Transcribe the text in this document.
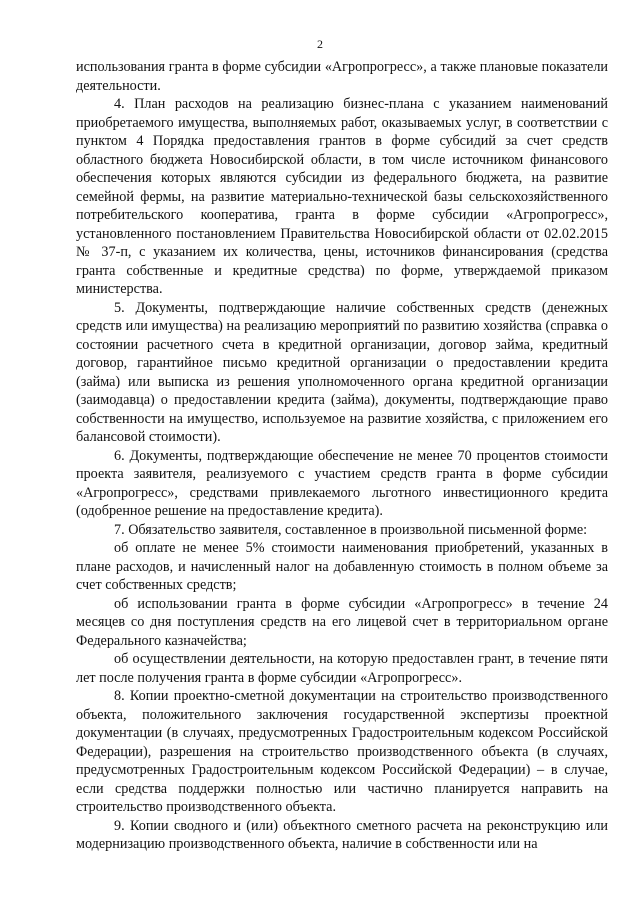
2

использования гранта в форме субсидии «Агропрогресс», а также плановые показатели деятельности.

4. План расходов на реализацию бизнес-плана с указанием наименований приобретаемого имущества, выполняемых работ, оказываемых услуг, в соответствии с пунктом 4 Порядка предоставления грантов в форме субсидий за счет средств областного бюджета Новосибирской области, в том числе источником финансового обеспечения которых являются субсидии из федерального бюджета, на развитие семейной фермы, на развитие материально-технической базы сельскохозяйственного потребительского кооператива, гранта в форме субсидии «Агропрогресс», установленного постановлением Правительства Новосибирской области от 02.02.2015 № 37-п, с указанием их количества, цены, источников финансирования (средства гранта собственные и кредитные средства) по форме, утверждаемой приказом министерства.

5. Документы, подтверждающие наличие собственных средств (денежных средств или имущества) на реализацию мероприятий по развитию хозяйства (справка о состоянии расчетного счета в кредитной организации, договор займа, кредитный договор, гарантийное письмо кредитной организации о предоставлении кредита (займа) или выписка из решения уполномоченного органа кредитной организации (заимодавца) о предоставлении кредита (займа), документы, подтверждающие право собственности на имущество, используемое на развитие хозяйства, с приложением его балансовой стоимости).

6. Документы, подтверждающие обеспечение не менее 70 процентов стоимости проекта заявителя, реализуемого с участием средств гранта в форме субсидии «Агропрогресс», средствами привлекаемого льготного инвестиционного кредита (одобренное решение на предоставление кредита).

7. Обязательство заявителя, составленное в произвольной письменной форме:

об оплате не менее 5% стоимости наименования приобретений, указанных в плане расходов, и начисленный налог на добавленную стоимость в полном объеме за счет собственных средств;

об использовании гранта в форме субсидии «Агропрогресс» в течение 24 месяцев со дня поступления средств на его лицевой счет в территориальном органе Федерального казначейства;

об осуществлении деятельности, на которую предоставлен грант, в течение пяти лет после получения гранта в форме субсидии «Агропрогресс».

8. Копии проектно-сметной документации на строительство производственного объекта, положительного заключения государственной экспертизы проектной документации (в случаях, предусмотренных Градостроительным кодексом Российской Федерации), разрешения на строительство производственного объекта (в случаях, предусмотренных Градостроительным кодексом Российской Федерации) – в случае, если средства поддержки полностью или частично планируется направить на строительство производственного объекта.

9. Копии сводного и (или) объектного сметного расчета на реконструкцию или модернизацию производственного объекта, наличие в собственности или на
